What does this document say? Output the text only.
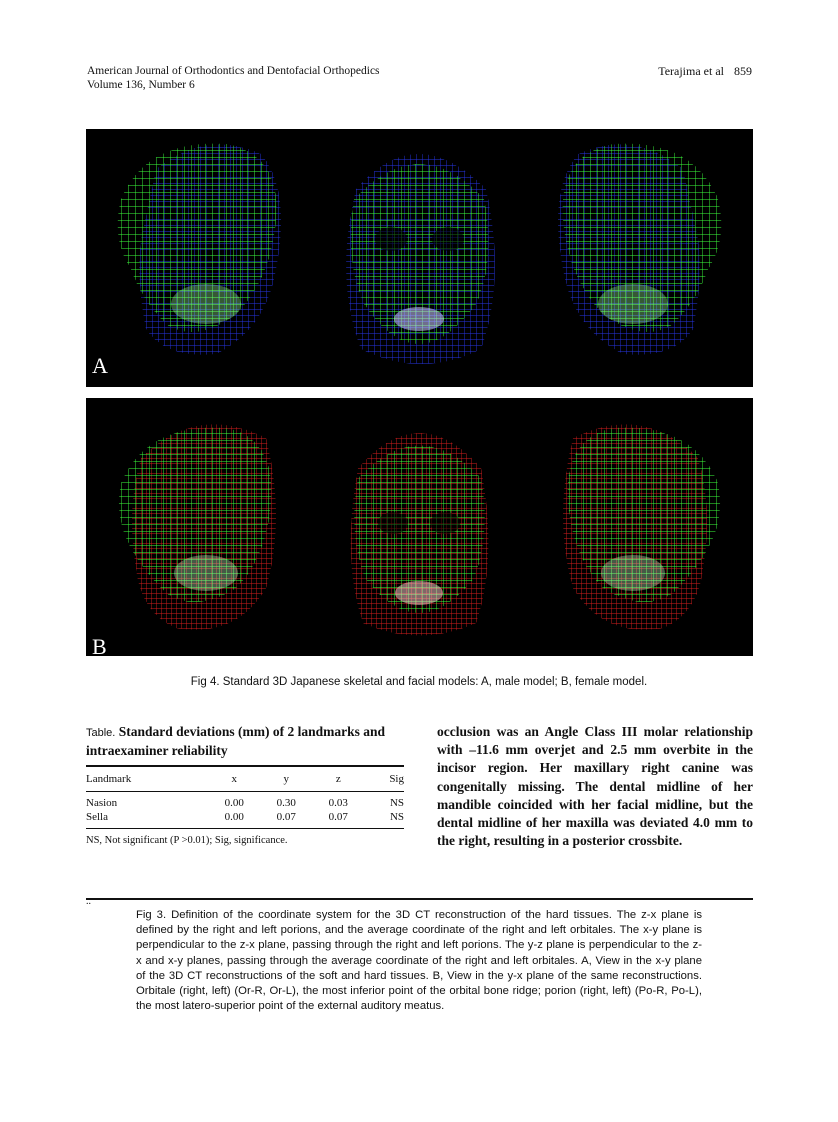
American Journal of Orthodontics and Dentofacial Orthopedics
Volume 136, Number 6
Terajima et al 859
A
B
Fig 4. Standard 3D Japanese skeletal and facial models: A, male model; B, female model.
Table. Standard deviations (mm) of 2 landmarks and intraexaminer reliability
Landmark	x	y	z	Sig
Nasion	0.00	0.30	0.03	NS
Sella	0.00	0.07	0.07	NS
NS, Not significant (P >0.01); Sig, significance.
occlusion was an Angle Class III molar relationship with –11.6 mm overjet and 2.5 mm overbite in the incisor region. Her maxillary right canine was congenitally missing. The dental midline of her mandible coincided with her facial midline, but the dental midline of her maxilla was deviated 4.0 mm to the right, resulting in a posterior crossbite.
..
Fig 3. Definition of the coordinate system for the 3D CT reconstruction of the hard tissues. The z-x plane is defined by the right and left porions, and the average coordinate of the right and left orbitales. The x-y plane is perpendicular to the z-x plane, passing through the right and left porions. The y-z plane is perpendicular to the z-x and x-y planes, passing through the average coordinate of the right and left orbitales. A, View in the x-y plane of the 3D CT reconstructions of the soft and hard tissues. B, View in the y-x plane of the same reconstructions. Orbitale (right, left) (Or-R, Or-L), the most inferior point of the orbital bone ridge; porion (right, left) (Po-R, Po-L), the most latero-superior point of the external auditory meatus.
